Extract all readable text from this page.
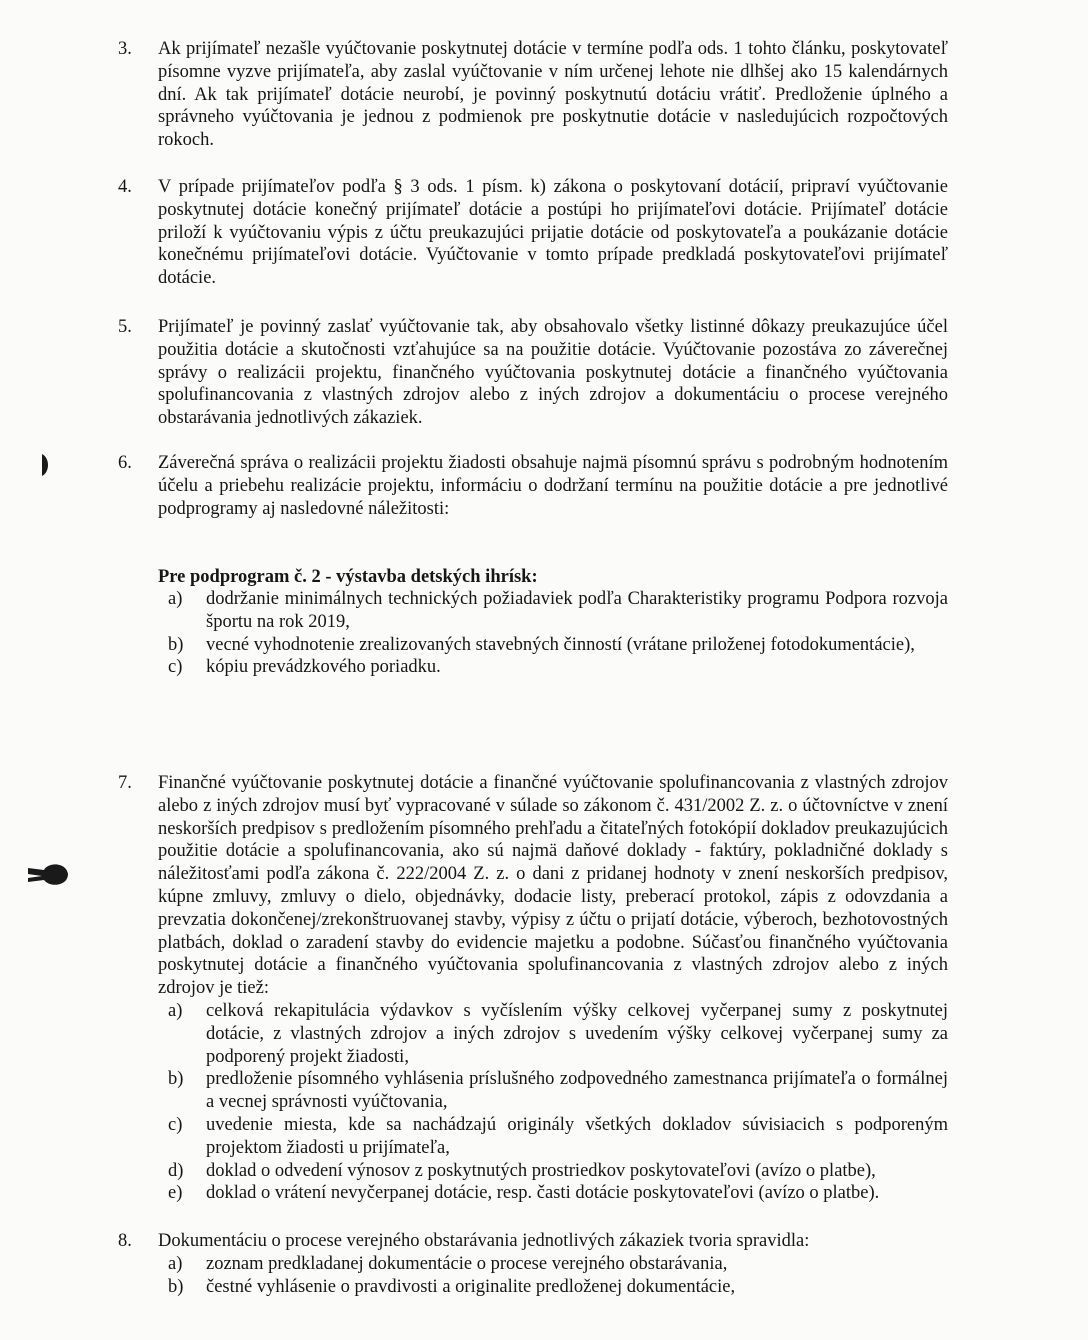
3.	Ak prijímateľ nezašle vyúčtovanie poskytnutej dotácie v termíne podľa ods. 1 tohto článku, poskytovateľ písomne vyzve prijímateľa, aby zaslal vyúčtovanie v ním určenej lehote nie dlhšej ako 15 kalendárnych dní. Ak tak prijímateľ dotácie neurobí, je povinný poskytnutú dotáciu vrátiť. Predloženie úplného a správneho vyúčtovania je jednou z podmienok pre poskytnutie dotácie v nasledujúcich rozpočtových rokoch.
4.	V prípade prijímateľov podľa § 3 ods. 1 písm. k) zákona o poskytovaní dotácií, pripraví vyúčtovanie poskytnutej dotácie konečný prijímateľ dotácie a postúpi ho prijímateľovi dotácie. Prijímateľ dotácie priloží k vyúčtovaniu výpis z účtu preukazujúci prijatie dotácie od poskytovateľa a poukázanie dotácie konečnému prijímateľovi dotácie. Vyúčtovanie v tomto prípade predkladá poskytovateľovi prijímateľ dotácie.
5.	Prijímateľ je povinný zaslať vyúčtovanie tak, aby obsahovalo všetky listinné dôkazy preukazujúce účel použitia dotácie a skutočnosti vzťahujúce sa na použitie dotácie. Vyúčtovanie pozostáva zo záverečnej správy o realizácii projektu, finančného vyúčtovania poskytnutej dotácie a finančného vyúčtovania spolufinancovania z vlastných zdrojov alebo z iných zdrojov a dokumentáciu o procese verejného obstarávania jednotlivých zákaziek.
6.	Záverečná správa o realizácii projektu žiadosti obsahuje najmä písomnú správu s podrobným hodnotením účelu a priebehu realizácie projektu, informáciu o dodržaní termínu na použitie dotácie a pre jednotlivé podprogramy aj nasledovné náležitosti:
Pre podprogram č. 2 - výstavba detských ihrísk:
a) dodržanie minimálnych technických požiadaviek podľa Charakteristiky programu Podpora rozvoja športu na rok 2019,
b) vecné vyhodnotenie zrealizovaných stavebných činností (vrátane priloženej fotodokumentácie),
c) kópiu prevádzkového poriadku.
7.	Finančné vyúčtovanie poskytnutej dotácie a finančné vyúčtovanie spolufinancovania z vlastných zdrojov alebo z iných zdrojov musí byť vypracované v súlade so zákonom č. 431/2002 Z. z. o účtovníctve v znení neskorších predpisov s predložením písomného prehľadu a čitateľných fotokópií dokladov preukazujúcich použitie dotácie a spolufinancovania, ako sú najmä daňové doklady - faktúry, pokladničné doklady s náležitosťami podľa zákona č. 222/2004 Z. z. o dani z pridanej hodnoty v znení neskorších predpisov, kúpne zmluvy, zmluvy o dielo, objednávky, dodacie listy, preberací protokol, zápis z odovzdania a prevzatia dokončenej/zrekonštruovanej stavby, výpisy z účtu o prijatí dotácie, výberoch, bezhotovostných platbách, doklad o zaradení stavby do evidencie majetku a podobne. Súčasťou finančného vyúčtovania poskytnutej dotácie a finančného vyúčtovania spolufinancovania z vlastných zdrojov alebo z iných zdrojov je tiež:
a) celková rekapitulácia výdavkov s vyčíslením výšky celkovej vyčerpanej sumy z poskytnutej dotácie, z vlastných zdrojov a iných zdrojov s uvedením výšky celkovej vyčerpanej sumy za podporený projekt žiadosti,
b) predloženie písomného vyhlásenia príslušného zodpovedného zamestnanca prijímateľa o formálnej a vecnej správnosti vyúčtovania,
c) uvedenie miesta, kde sa nachádzajú originály všetkých dokladov súvisiacich s podporeným projektom žiadosti u prijímateľa,
d) doklad o odvedení výnosov z poskytnutých prostriedkov poskytovateľovi (avízo o platbe),
e) doklad o vrátení nevyčerpanej dotácie, resp. časti dotácie poskytovateľovi (avízo o platbe).
8.	Dokumentáciu o procese verejného obstarávania jednotlivých zákaziek tvoria spravidla:
a) zoznam predkladanej dokumentácie o procese verejného obstarávania,
b) čestné vyhlásenie o pravdivosti a originalite predloženej dokumentácie,
